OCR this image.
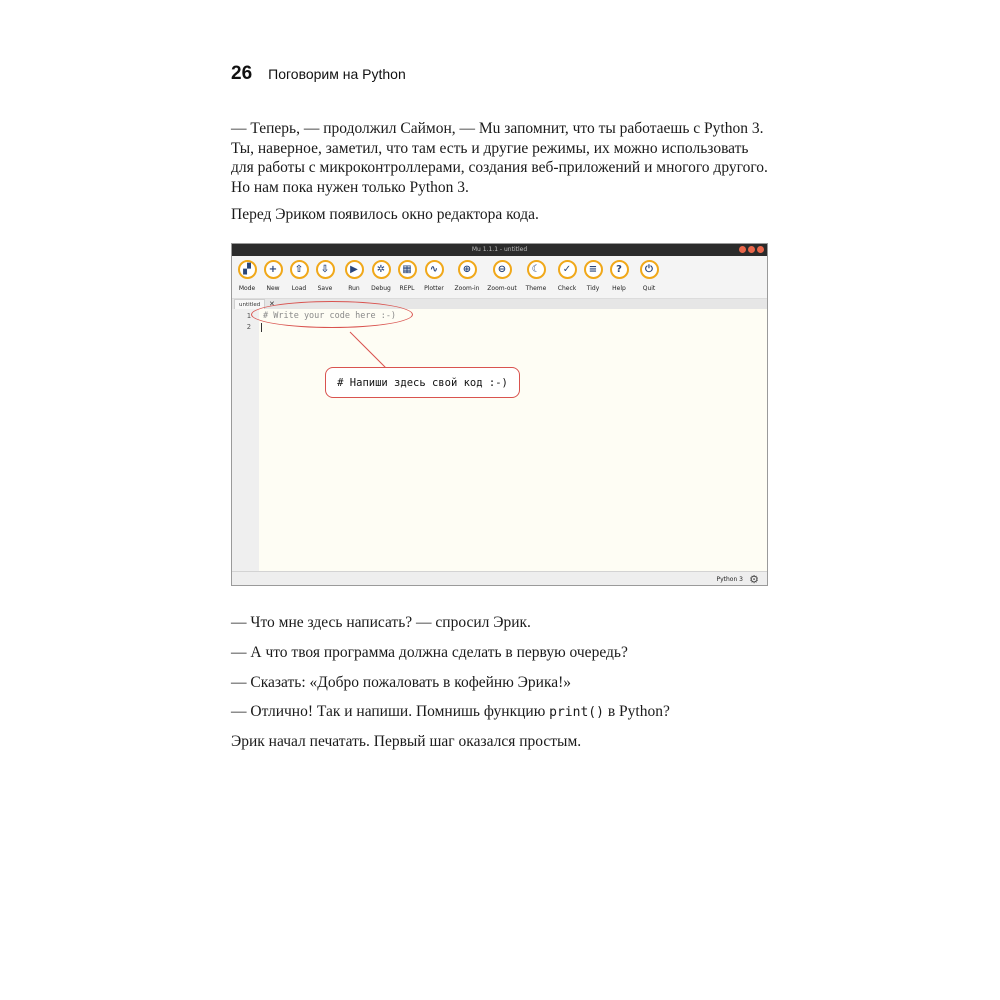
26 Поговорим на Python

— Теперь, — продолжил Саймон, — Mu запомнит, что ты работаешь с Python 3. Ты, наверное, заметил, что там есть и другие режимы, их можно использовать для работы с микроконтроллерами, создания веб-приложений и многого другого. Но нам пока нужен только Python 3.

Перед Эриком появилось окно редактора кода.

Mu 1.1.1 - untitled
▞
Mode
+
New
⇧
Load
⇩
Save
▶
Run
✲
Debug
▦
REPL
∿
Plotter
⊕
Zoom-in
⊖
Zoom-out
☾
Theme
✓
Check
≡
Tidy
?
Help
⏻
Quit
untitled	✕
1
2
# Write your code here :-)
# Напиши здесь свой код :-)
Python 3 ⚙

— Что мне здесь написать? — спросил Эрик.

— А что твоя программа должна сделать в первую очередь?

— Сказать: «Добро пожаловать в кофейню Эрика!»

— Отлично! Так и напиши. Помнишь функцию print() в Python?

Эрик начал печатать. Первый шаг оказался простым.
